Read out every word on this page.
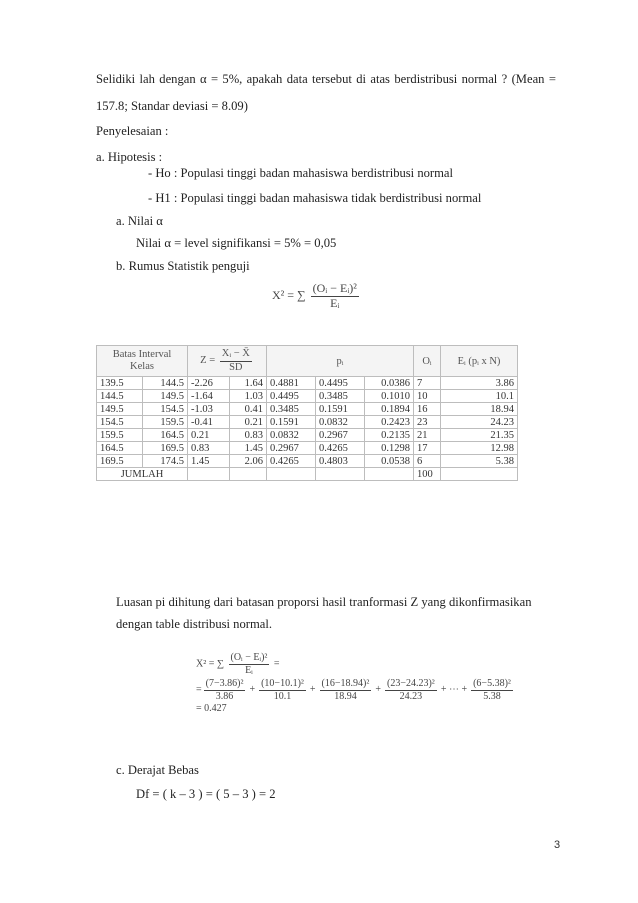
Selidiki lah dengan α = 5%, apakah data tersebut di atas berdistribusi normal ? (Mean =
157.8; Standar deviasi = 8.09)
Penyelesaian :
a. Hipotesis :
- Ho : Populasi tinggi badan mahasiswa berdistribusi normal
- H1 : Populasi tinggi badan mahasiswa tidak berdistribusi normal
a. Nilai α
Nilai α = level signifikansi = 5% = 0,05
b. Rumus Statistik penguji
X² = ∑ $\frac{\text{(Oᵢ − Eᵢ)²}}{\text{Eᵢ}}$
Batas Interval Kelas		$Z = \frac{\text{Xᵢ − X̄}}{SD}$		pᵢ			Oᵢ	Eᵢ (pᵢ x N)
139.5	144.5	-2.26	1.64	0.4881	0.4495	0.0386	7	3.86
144.5	149.5	-1.64	1.03	0.4495	0.3485	0.1010	10	10.1
149.5	154.5	-1.03	0.41	0.3485	0.1591	0.1894	16	18.94
154.5	159.5	-0.41	0.21	0.1591	0.0832	0.2423	23	24.23
159.5	164.5	0.21	0.83	0.0832	0.2967	0.2135	21	21.35
164.5	169.5	0.83	1.45	0.2967	0.4265	0.1298	17	12.98
169.5	174.5	1.45	2.06	0.4265	0.4803	0.0538	6	5.38
JUMLAH							100	
Luasan pi dihitung dari batasan proporsi hasil tranformasi Z yang dikonfirmasikan
dengan table distribusi normal.
X² = ∑ $\frac{\text{(Oᵢ − Eᵢ)²}}{\text{Eᵢ}}$ =
= $\frac{\text{(7−3.86)²}}{3.86} + \frac{\text{(10−10.1)²}}{10.1} + \frac{\text{(16−18.94)²}}{18.94} + \frac{\text{(23−24.23)²}}{24.23}$ + ⋯ + $\frac{\text{(6−5.38)²}}{5.38}$
= 0.427
c. Derajat Bebas
Df = ( k – 3 ) = ( 5 – 3 ) = 2
3
